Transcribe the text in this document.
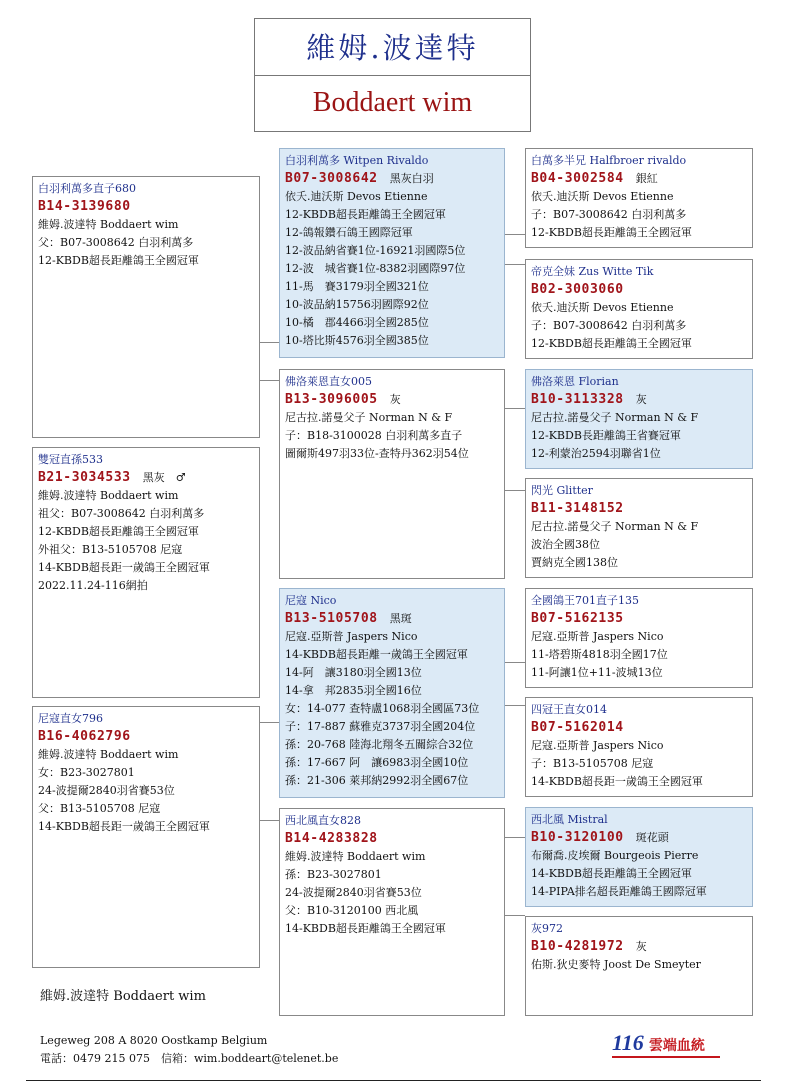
維姆.波達特
Boddaert wim
白羽利萬多直子680
B14-3139680
維姆.波達特 Boddaert wim
父：B07-3008642 白羽利萬多
12-KBDB超長距離鴿王全國冠軍
雙冠直孫533
B21-3034533 黑灰　♂
維姆.波達特 Boddaert wim
祖父：B07-3008642 白羽利萬多
12-KBDB超長距離鴿王全國冠軍
外祖父：B13-5105708 尼寇
14-KBDB超長距一歲鴿王全國冠軍
2022.11.24-116網拍
尼寇直女796
B16-4062796
維姆.波達特 Boddaert wim
女：B23-3027801
24-波提爾2840羽省賽53位
父：B13-5105708 尼寇
14-KBDB超長距一歲鴿王全國冠軍
白羽利萬多 Witpen Rivaldo
B07-3008642 黑灰白羽
依夭.迪沃斯 Devos Etienne
12-KBDB超長距離鴿王全國冠軍
12-鴿報鑽石鴿王國際冠軍
12-波品納省賽1位-16921羽國際5位
12-波　城省賽1位-8382羽國際97位
11-馬　賽3179羽全國321位
10-波品納15756羽國際92位
10-橘　郡4466羽全國285位
10-塔比斯4576羽全國385位
佛洛萊恩直女005
B13-3096005 灰
尼古拉.諾曼父子 Norman N & F
子：B18-3100028 白羽利萬多直子
圖爾斯497羽33位-查特丹362羽54位
尼寇 Nico
B13-5105708 黑斑
尼寇.亞斯普 Jaspers Nico
14-KBDB超長距離一歲鴿王全國冠軍
14-阿　讓3180羽全國13位
14-拿　邦2835羽全國16位
女：14-077 查特盧1068羽全國區73位
子：17-887 蘇雅克3737羽全國204位
孫：20-768 陸海北翔冬五關綜合32位
孫：17-667 阿　讓6983羽全國10位
孫：21-306 萊邦納2992羽全國67位
西北風直女828
B14-4283828
維姆.波達特 Boddaert wim
孫：B23-3027801
24-波提爾2840羽省賽53位
父：B10-3120100 西北風
14-KBDB超長距離鴿王全國冠軍
白萬多半兄 Halfbroer rivaldo
B04-3002584 銀紅
依夭.迪沃斯 Devos Etienne
子：B07-3008642 白羽利萬多
12-KBDB超長距離鴿王全國冠軍
帝克全妹 Zus Witte Tik
B02-3003060
依夭.迪沃斯 Devos Etienne
子：B07-3008642 白羽利萬多
12-KBDB超長距離鴿王全國冠軍
佛洛萊恩 Florian
B10-3113328 灰
尼古拉.諾曼父子 Norman N & F
12-KBDB長距離鴿王省賽冠軍
12-利蒙治2594羽聯省1位
閃光 Glitter
B11-3148152
尼古拉.諾曼父子 Norman N & F
波治全國38位
賈納克全國138位
全國鴿王701直子135
B07-5162135
尼寇.亞斯普 Jaspers Nico
11-塔碧斯4818羽全國17位
11-阿讓1位+11-波城13位
四冠王直女014
B07-5162014
尼寇.亞斯普 Jaspers Nico
子：B13-5105708 尼寇
14-KBDB超長距一歲鴿王全國冠軍
西北風 Mistral
B10-3120100 斑花頭
布爾喬.皮埃爾 Bourgeois Pierre
14-KBDB超長距離鴿王全國冠軍
14-PIPA排名超長距離鴿王國際冠軍
灰972
B10-4281972 灰
佑斯.狄史麥特 Joost De Smeyter
維姆.波達特 Boddaert wim
Legeweg 208 A 8020 Oostkamp Belgium
電話：0479 215 075　信箱：wim.boddeart@telenet.be
116 雲端血統
